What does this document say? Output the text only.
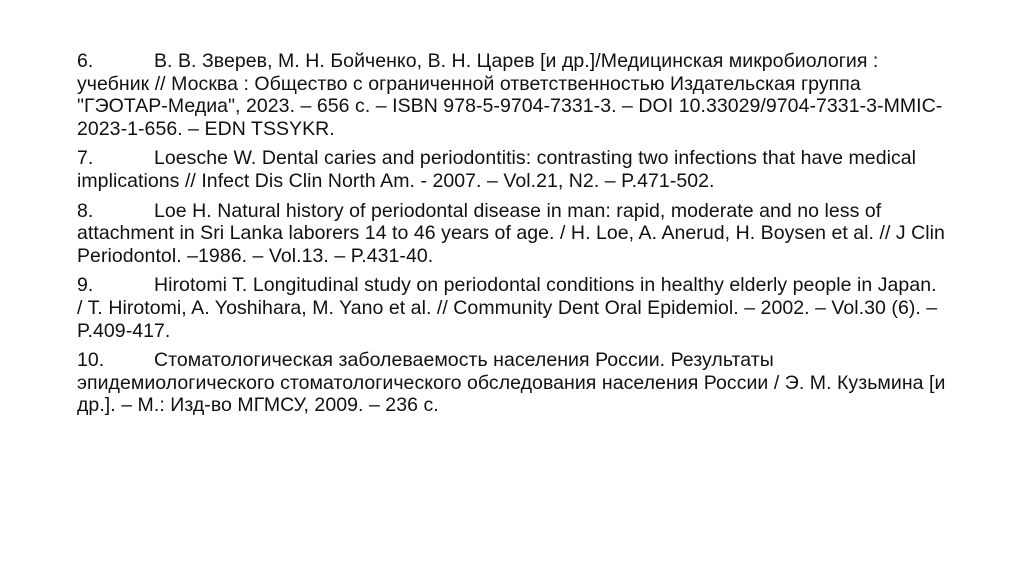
6.	В. В. Зверев, М. Н. Бойченко, В. Н. Царев [и др.]/Медицинская микробиология : учебник // Москва : Общество с ограниченной ответственностью Издательская группа "ГЭОТАР-Медиа", 2023. – 656 с. – ISBN 978-5-9704-7331-3. – DOI 10.33029/9704-7331-3-MMIC-2023-1-656. – EDN TSSYKR.
7.	Loesche W. Dental caries and periodontitis: contrasting two infections that have medical implications // Infect Dis Clin North Am. - 2007. – Vol.21, N2. – P.471-502.
8.	Loe H. Natural history of periodontal disease in man: rapid, moderate and no less of attachment in Sri Lanka laborers 14 to 46 years of age. / H. Loe, A. Anerud, H. Boysen et al. // J Clin Periodontol. –1986. – Vol.13. – P.431-40.
9.	Hirotomi T. Longitudinal study on periodontal conditions in healthy elderly people in Japan. / T. Hirotomi, A. Yoshihara, M. Yano et al. // Community Dent Oral Epidemiol. – 2002. – Vol.30 (6). – P.409-417.
10.	Стоматологическая заболеваемость населения России. Результаты эпидемиологического стоматологического обследования населения России / Э. М. Кузьмина [и др.]. – М.: Изд-во МГМСУ, 2009. – 236 с.
